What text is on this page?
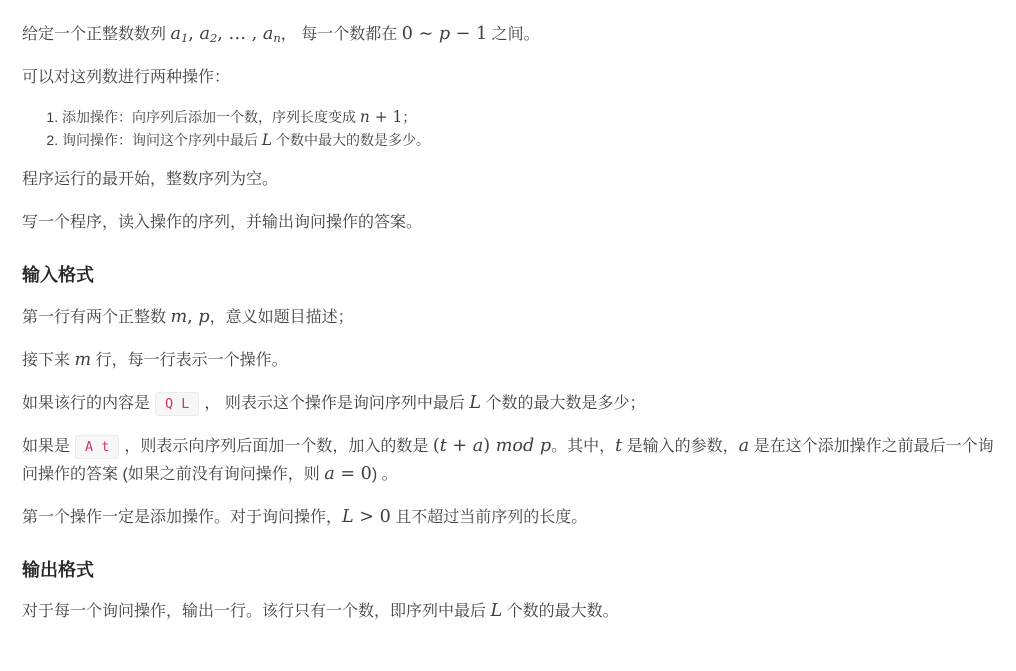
给定一个正整数数列 $a_1$, $a_2$, … , $a_n$， 每一个数都在 0 ∼ p − 1 之间。

可以对这列数进行两种操作：

1. 添加操作：向序列后添加一个数，序列长度变成 n + 1；
2. 询问操作：询问这个序列中最后 L 个数中最大的数是多少。

程序运行的最开始，整数序列为空。

写一个程序，读入操作的序列，并输出询问操作的答案。

输入格式

第一行有两个正整数 m, p，意义如题目描述；

接下来 m 行，每一行表示一个操作。

如果该行的内容是 Q L ， 则表示这个操作是询问序列中最后 L 个数的最大数是多少；

如果是 A t ，则表示向序列后面加一个数，加入的数是 (t + a) mod p。其中，t 是输入的参数，a 是在这个添加操作之前最后一个询问操作的答案 (如果之前没有询问操作，则 a = 0) 。

第一个操作一定是添加操作。对于询问操作，L > 0 且不超过当前序列的长度。

输出格式

对于每一个询问操作，输出一行。该行只有一个数，即序列中最后 L 个数的最大数。
